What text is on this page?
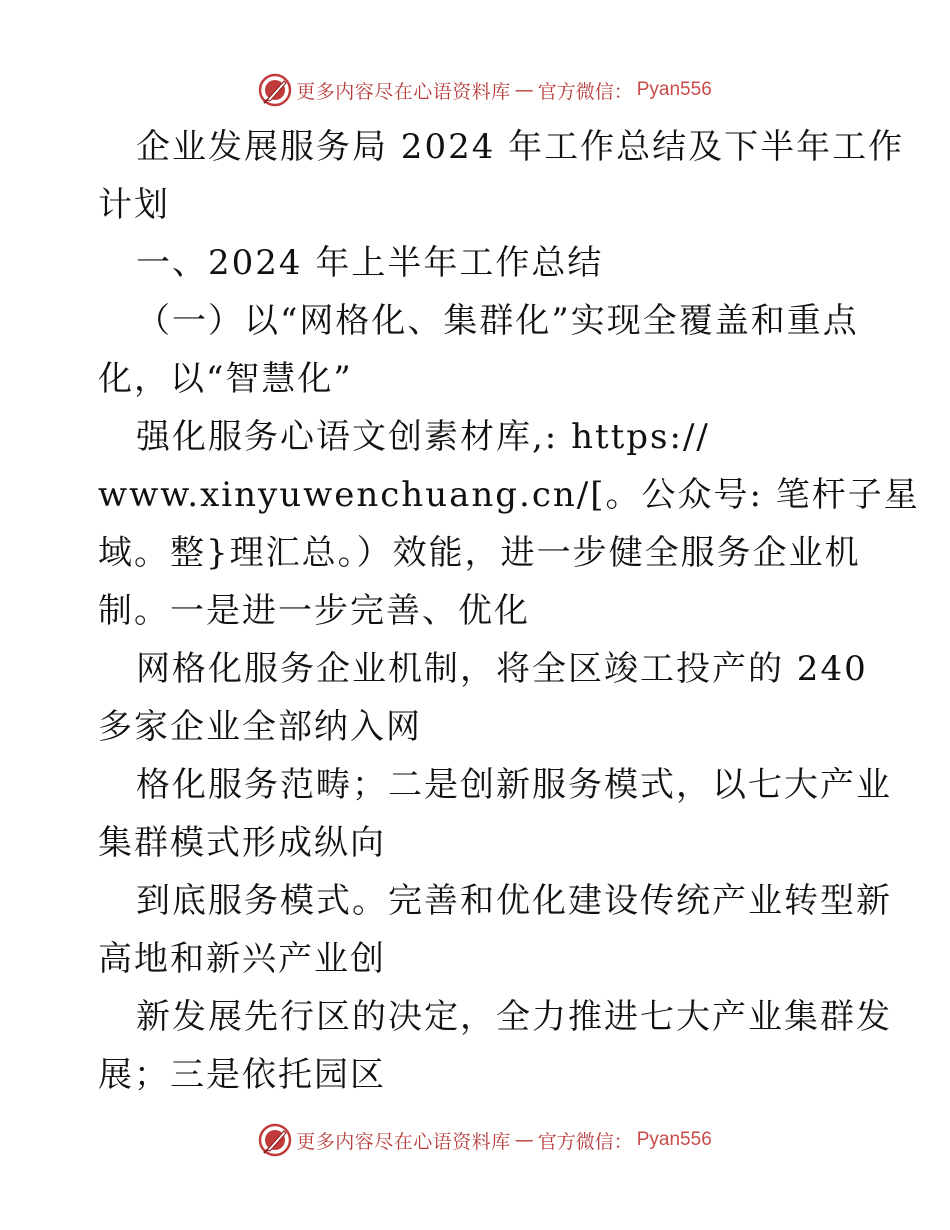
更多内容尽在心语资料库 — 官方微信： Pyan556
企业发展服务局 2024 年工作总结及下半年工作
计划
一、2024 年上半年工作总结
（一）以“网格化、集群化”实现全覆盖和重点
化，以“智慧化”
强化服务心语文创素材库,: https://
www.xinyuwenchuang.cn/[。公众号: 笔杆子星
域。整}理汇总。）效能，进一步健全服务企业机
制。一是进一步完善、优化
网格化服务企业机制，将全区竣工投产的 240
多家企业全部纳入网
格化服务范畴；二是创新服务模式，以七大产业
集群模式形成纵向
到底服务模式。完善和优化建设传统产业转型新
高地和新兴产业创
新发展先行区的决定，全力推进七大产业集群发
展；三是依托园区
更多内容尽在心语资料库 — 官方微信： Pyan556
